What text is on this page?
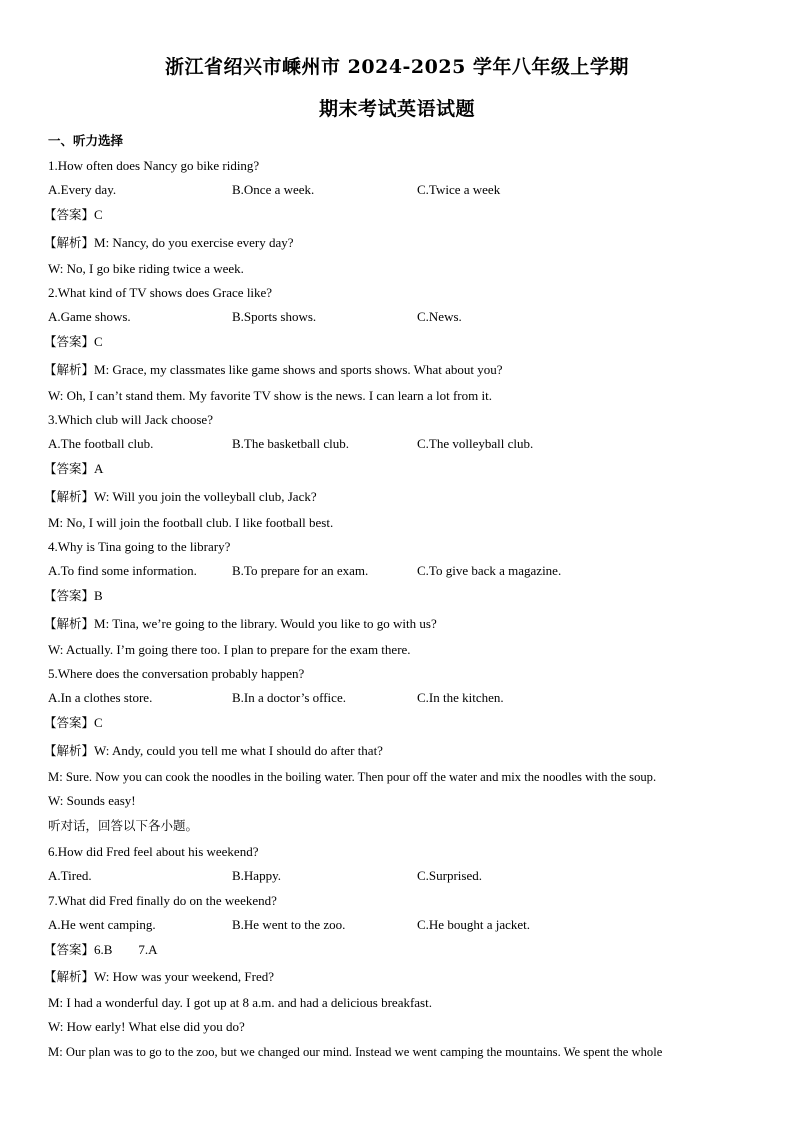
浙江省绍兴市嵊州市 2024-2025 学年八年级上学期
期末考试英语试题
一、听力选择
1.How often does Nancy go bike riding?
A.Every day.	B.Once a week.	C.Twice a week
【答案】C
【解析】M: Nancy, do you exercise every day?
W: No, I go bike riding twice a week.
2.What kind of TV shows does Grace like?
A.Game shows.	B.Sports shows.	C.News.
【答案】C
【解析】M: Grace, my classmates like game shows and sports shows. What about you?
W: Oh, I can’t stand them. My favorite TV show is the news. I can learn a lot from it.
3.Which club will Jack choose?
A.The football club.	B.The basketball club.	C.The volleyball club.
【答案】A
【解析】W: Will you join the volleyball club, Jack?
M: No, I will join the football club. I like football best.
4.Why is Tina going to the library?
A.To find some information.	B.To prepare for an exam.	C.To give back a magazine.
【答案】B
【解析】M: Tina, we’re going to the library. Would you like to go with us?
W: Actually. I’m going there too. I plan to prepare for the exam there.
5.Where does the conversation probably happen?
A.In a clothes store.	B.In a doctor’s office.	C.In the kitchen.
【答案】C
【解析】W: Andy, could you tell me what I should do after that?
M: Sure. Now you can cook the noodles in the boiling water. Then pour off the water and mix the noodles with the soup.
W: Sounds easy!
听对话，回答以下各小题。
6.How did Fred feel about his weekend?
A.Tired.	B.Happy.	C.Surprised.
7.What did Fred finally do on the weekend?
A.He went camping.	B.He went to the zoo.	C.He bought a jacket.
【答案】6.B        7.A
【解析】W: How was your weekend, Fred?
M: I had a wonderful day. I got up at 8 a.m. and had a delicious breakfast.
W: How early! What else did you do?
M: Our plan was to go to the zoo, but we changed our mind. Instead we went camping the mountains. We spent the whole
